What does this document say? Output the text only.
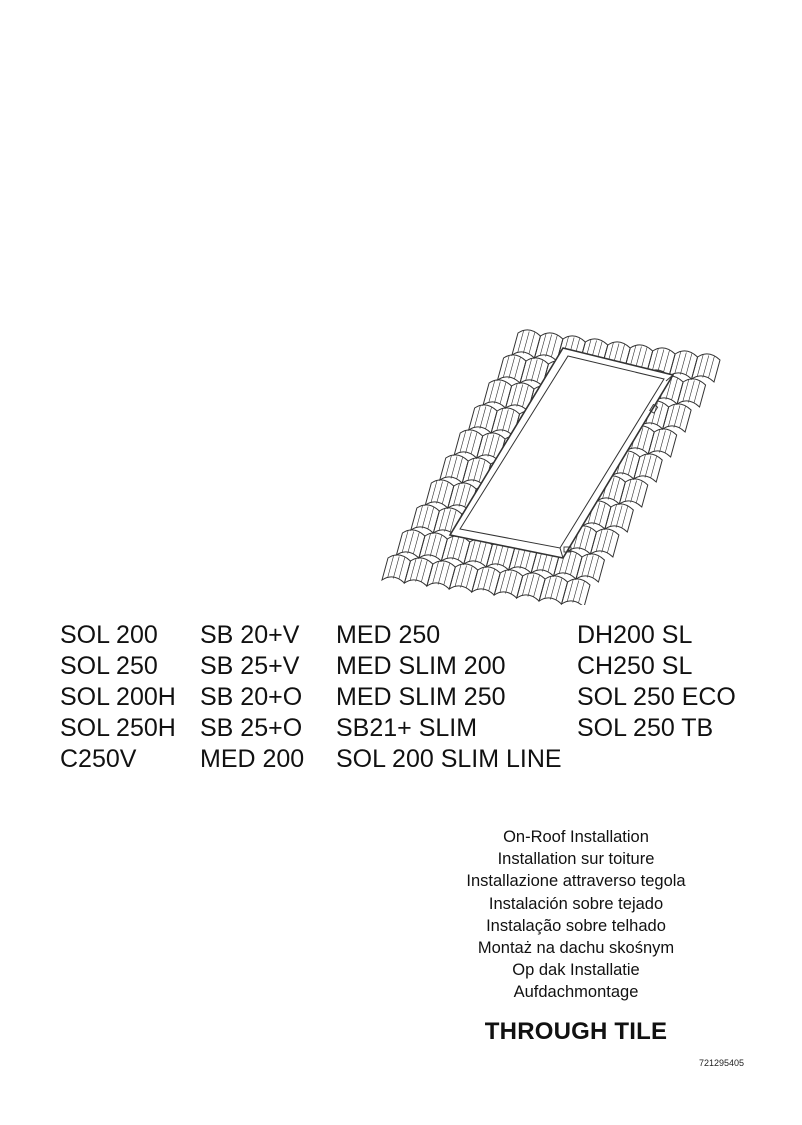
SOL 200
SOL 250
SOL 200H
SOL 250H
C250V
SB 20+V
SB 25+V
SB 20+O
SB 25+O
MED 200
MED 250
MED SLIM 200
MED SLIM 250
SB21+ SLIM
SOL 200 SLIM LINE
DH200 SL
CH250 SL
SOL 250 ECO
SOL 250 TB
On-Roof Installation
Installation sur toiture
Installazione attraverso tegola
Instalación sobre tejado
Instalação sobre telhado
Montaż na dachu skośnym
Op dak Installatie
Aufdachmontage
THROUGH TILE
721295405
